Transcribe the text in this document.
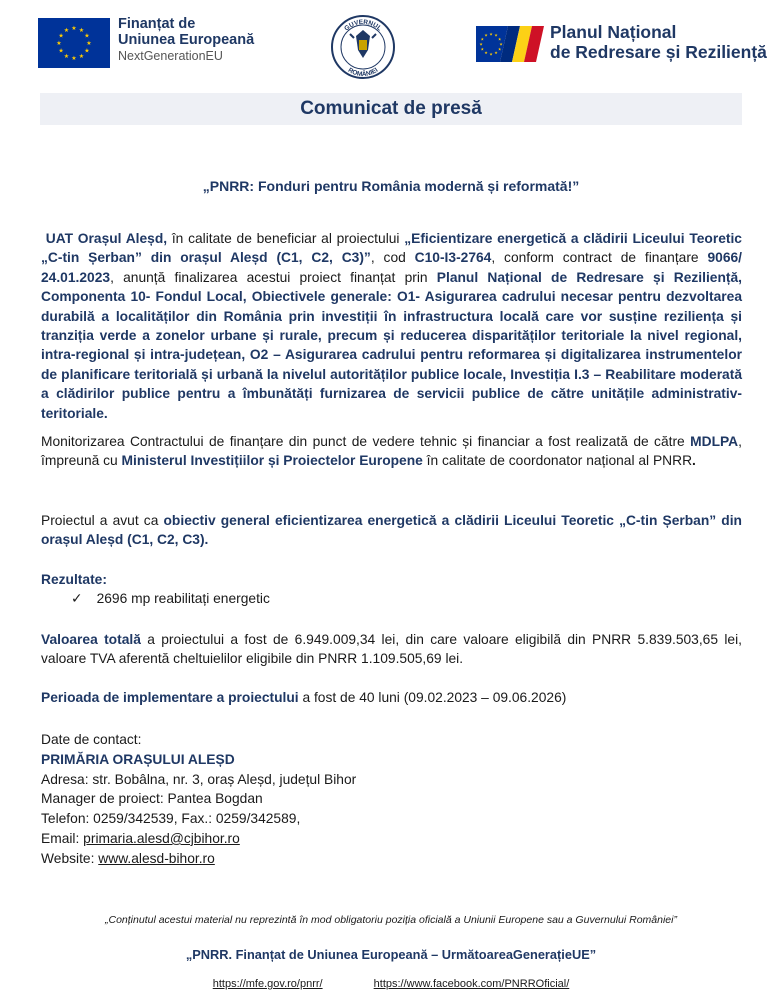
★
★
★
★
★
★
★
★
★ ★ ★
★
Finanțat de
Uniunea Europeană
NextGenerationEU
GUVERNUL
ROMÂNIEI
★
★
★
★
★
★
★
★
★ ★ ★
★	Planul Național
de Redresare și Reziliență
Comunicat de presă
„PNRR: Fonduri pentru România modernă și reformată!”
UAT Orașul Aleșd, în calitate de beneficiar al proiectului „Eficientizare energetică a clădirii Liceului Teoretic „C-tin Șerban” din orașul Aleșd (C1, C2, C3)”, cod C10-I3-2764, conform contract de finanțare 9066/ 24.01.2023, anunță finalizarea acestui proiect finanțat prin Planul Național de Redresare și Reziliență, Componenta 10- Fondul Local, Obiectivele generale: O1- Asigurarea cadrului necesar pentru dezvoltarea durabilă a localităților din România prin investiții în infrastructura locală care vor susține reziliența și tranziția verde a zonelor urbane și rurale, precum și reducerea disparităților teritoriale la nivel regional, intra-regional și intra-județean, O2 – Asigurarea cadrului pentru reformarea și digitalizarea instrumentelor de planificare teritorială și urbană la nivelul autorităților publice locale, Investiția I.3 – Reabilitare moderată a clădirilor publice pentru a îmbunătăți furnizarea de servicii publice de către unitățile administrativ-teritoriale.
Monitorizarea Contractului de finanțare din punct de vedere tehnic și financiar a fost realizată de către MDLPA, împreună cu Ministerul Investițiilor și Proiectelor Europene în calitate de coordonator național al PNRR.
Proiectul a avut ca obiectiv general eficientizarea energetică a clădirii Liceului Teoretic „C-tin Șerban” din orașul Aleșd (C1, C2, C3).
Rezultate:
✓ 2696 mp reabilitați energetic
Valoarea totală a proiectului a fost de 6.949.009,34 lei, din care valoare eligibilă din PNRR 5.839.503,65 lei, valoare TVA aferentă cheltuielilor eligibile din PNRR 1.109.505,69 lei.
Perioada de implementare a proiectului a fost de 40 luni (09.02.2023 – 09.06.2026)
Date de contact:
PRIMĂRIA ORAȘULUI ALEȘD
Adresa: str. Bobâlna, nr. 3, oraș Aleșd, județul Bihor
Manager de proiect: Pantea Bogdan
Telefon: 0259/342539, Fax.: 0259/342589,
Email: primaria.alesd@cjbihor.ro
Website: www.alesd-bihor.ro
„Conținutul acestui material nu reprezintă în mod obligatoriu poziția oficială a Uniunii Europene sau a Guvernului României”
„PNRR. Finanțat de Uniunea Europeană – UrmătoareaGenerațieUE”
https://mfe.gov.ro/pnrr/	https://www.facebook.com/PNRROficial/
